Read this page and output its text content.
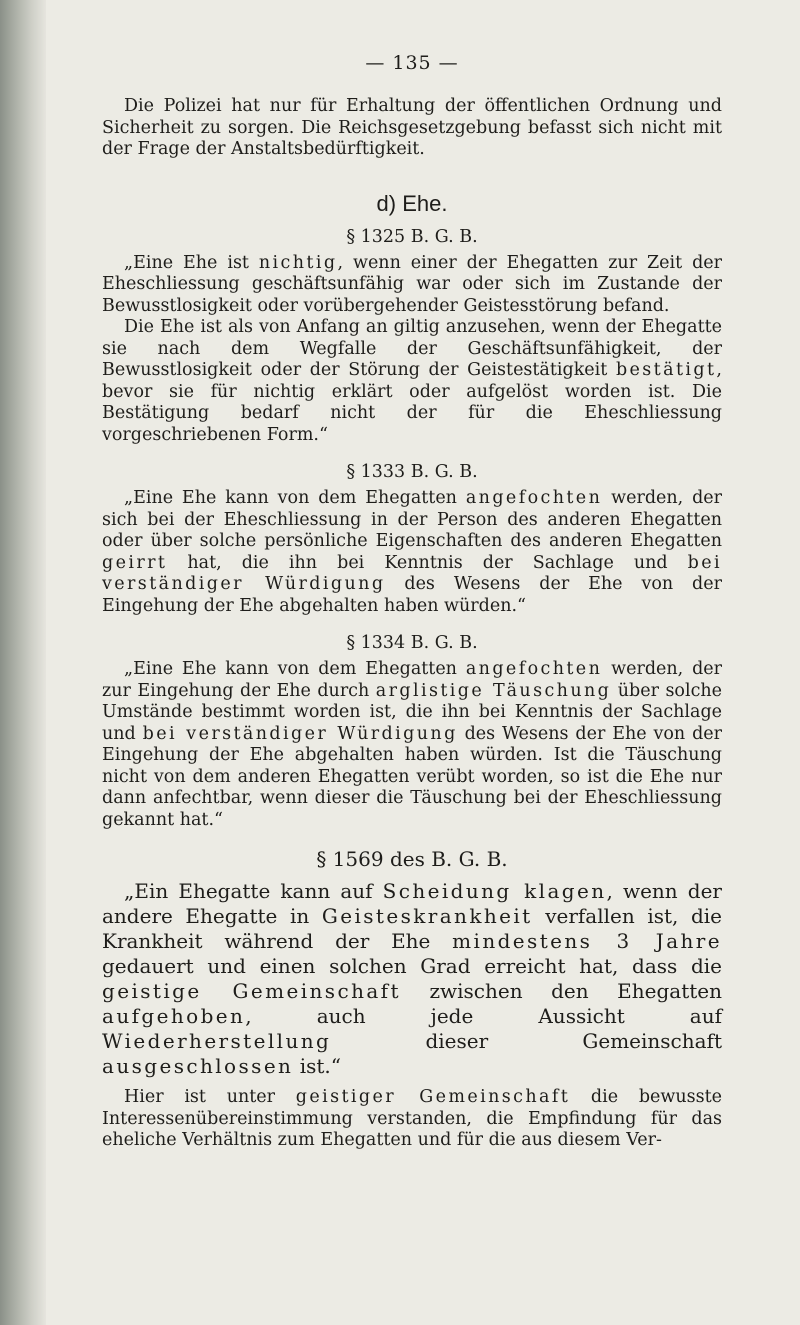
— 135 —

Die Polizei hat nur für Erhaltung der öffentlichen Ordnung und Sicherheit zu sorgen. Die Reichsgesetzgebung befasst sich nicht mit der Frage der Anstaltsbedürftigkeit.

d) Ehe.
§ 1325 B. G. B.

„Eine Ehe ist nichtig, wenn einer der Ehegatten zur Zeit der Eheschliessung geschäftsunfähig war oder sich im Zustande der Bewusstlosigkeit oder vorübergehender Geistesstörung befand.

Die Ehe ist als von Anfang an giltig anzusehen, wenn der Ehegatte sie nach dem Wegfalle der Geschäftsunfähigkeit, der Bewusstlosigkeit oder der Störung der Geistestätigkeit bestätigt, bevor sie für nichtig erklärt oder aufgelöst worden ist. Die Bestätigung bedarf nicht der für die Eheschliessung vorgeschriebenen Form.“

§ 1333 B. G. B.

„Eine Ehe kann von dem Ehegatten angefochten werden, der sich bei der Eheschliessung in der Person des anderen Ehegatten oder über solche persönliche Eigenschaften des anderen Ehegatten geirrt hat, die ihn bei Kenntnis der Sachlage und bei verständiger Würdigung des Wesens der Ehe von der Eingehung der Ehe abgehalten haben würden.“

§ 1334 B. G. B.

„Eine Ehe kann von dem Ehegatten angefochten werden, der zur Eingehung der Ehe durch arglistige Täuschung über solche Umstände bestimmt worden ist, die ihn bei Kenntnis der Sachlage und bei verständiger Würdigung des Wesens der Ehe von der Eingehung der Ehe abgehalten haben würden. Ist die Täuschung nicht von dem anderen Ehegatten verübt worden, so ist die Ehe nur dann anfechtbar, wenn dieser die Täuschung bei der Eheschliessung gekannt hat.“

§ 1569 des B. G. B.

„Ein Ehegatte kann auf Scheidung klagen, wenn der andere Ehegatte in Geisteskrankheit verfallen ist, die Krankheit während der Ehe mindestens 3 Jahre gedauert und einen solchen Grad erreicht hat, dass die geistige Gemeinschaft zwischen den Ehegatten aufgehoben, auch jede Aussicht auf Wiederherstellung dieser Gemeinschaft ausgeschlossen ist.“

Hier ist unter geistiger Gemeinschaft die bewusste Interessenübereinstimmung verstanden, die Empfindung für das eheliche Verhältnis zum Ehegatten und für die aus diesem Ver-
